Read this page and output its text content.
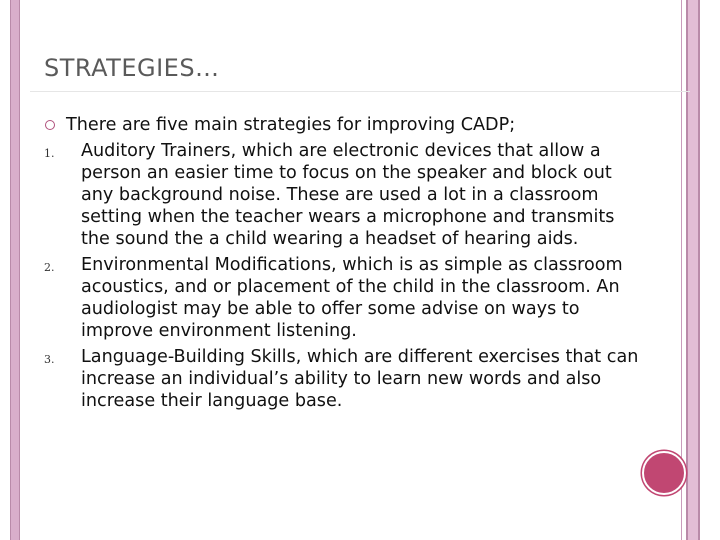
STRATEGIES…
There are five main strategies for improving CADP;
1. Auditory Trainers, which are electronic devices that allow a person an easier time to focus on the speaker and block out any background noise. These are used a lot in a classroom setting when the teacher wears a microphone and transmits the sound the a child wearing a headset of hearing aids.
2. Environmental Modifications, which is as simple as classroom acoustics, and or placement of the child in the classroom. An audiologist may be able to offer some advise on ways to improve environment listening.
3. Language-Building Skills, which are different exercises that can increase an individual’s ability to learn new words and also increase their language base.
